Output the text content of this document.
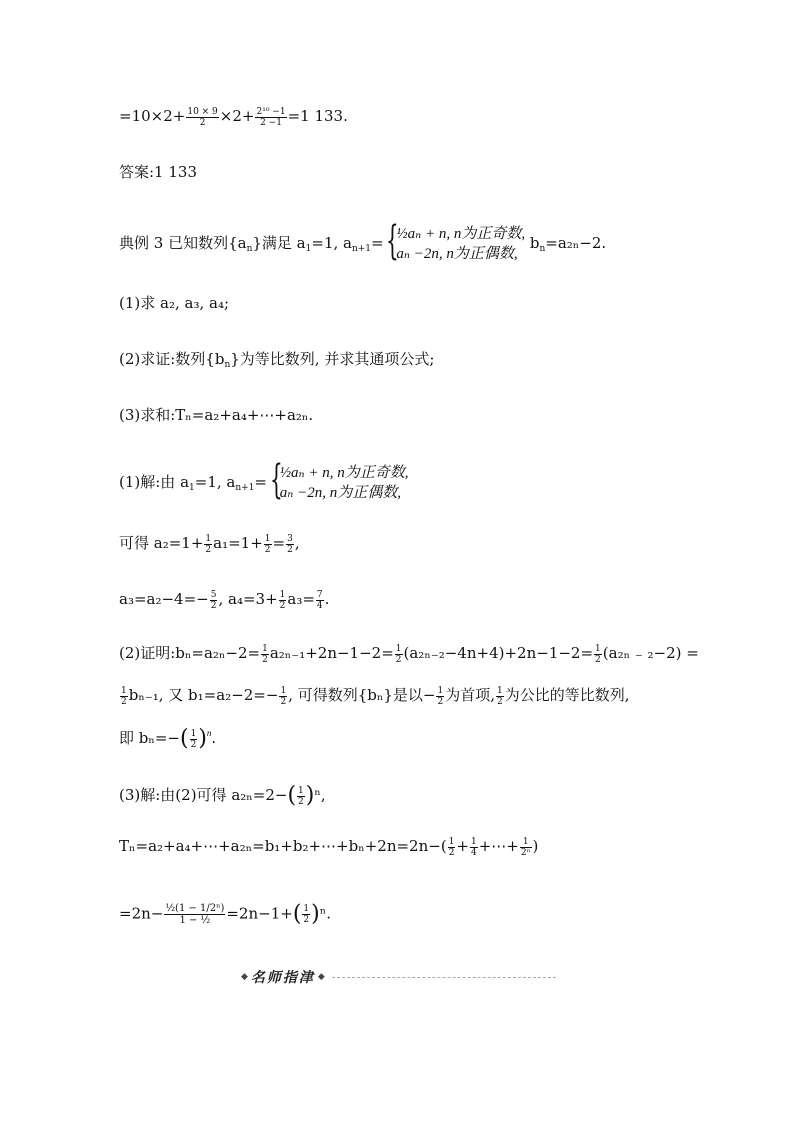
$=10\times 2+ \frac{10 \times 9}{2} \times 2+ \frac{\text{2¹⁰ −1}}{2 -1} =1$ 133.
答案:1 133
典例 3 已知数列$\{a_n\}$满足 $a_1=1$, $a_{n+1}=$ {
½aₙ + n, n为正奇数,
aₙ −2n, n为正偶数,
$b_n=a_{2n}-2$.
(1)求 a₂, a₃, a₄;
(2)求证:数列$\{b_n\}$为等比数列, 并求其通项公式;
(3)求和:Tₙ=a₂+a₄+⋯+a₂ₙ.
(1)解:由 $a_1=1$, $a_{n+1}=$ {
½aₙ + n, n为正奇数,
aₙ −2n, n为正偶数,
可得 $a_2=1+ \frac{1}{2} a_1=1+ \frac{1}{2} = \frac{3}{2}$ ,
$a_3=a_2-4=- \frac{5}{2}$ , $a_4=3+ \frac{1}{2} a_3= \frac{7}{4}$ .
(2)证明:bₙ=a₂ₙ−2= $\frac{1}{2} a_{2n-1}+2n-1-2= \frac{1}{2} (a_{2n-2}-4n+4)+2n-1-2= \frac{1}{2} (a_{2n}$ ₋ ₂−2) =
$\frac{1}{2} b_{n-1}$, 又 $b_1=a_2-2=- \frac{1}{2}$ , 可得数列{bₙ}是以− $\frac{1}{2}$ 为首项, $\frac{1}{2}$ 为公比的等比数列,
即 $b_n=-( \frac{1}{2} )^n$.
(3)解:由(2)可得 $a_{2n}=2-( \frac{1}{2} )^n$,
Tₙ=a₂+a₄+⋯+a₂ₙ=b₁+b₂+⋯+bₙ+2n=2n−( $\frac{1}{2} + \frac{1}{4}$ +⋯+ $\frac{1}{\text{2ⁿ}}$ )
$=2n- \frac{\text{½(1 − 1/2ⁿ)}}{\text{1 − ½}} =2n-1+( \frac{1}{2} )^n$.
◆ 名师指津 ◆
